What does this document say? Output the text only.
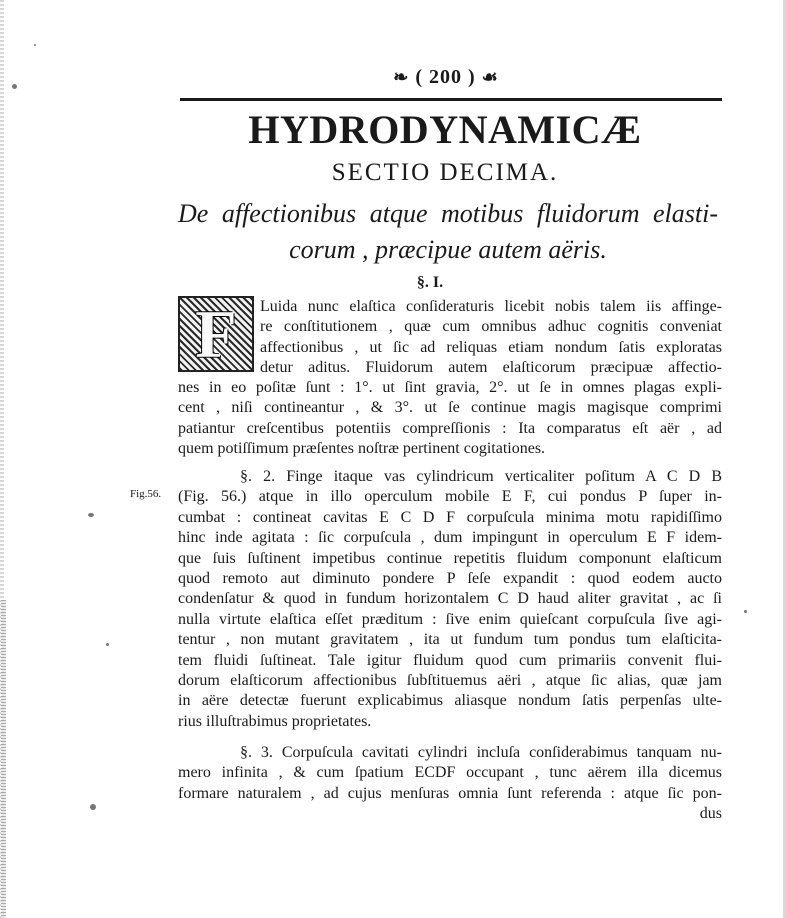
❧ ( 200 ) ☙
HYDRODYNAMICÆ
SECTIO DECIMA.
De affectionibus atque motibus fluidorum elasti-
corum , præcipue autem aëris.
§. I.
F Luida nunc elaſtica conſideraturis licebit nobis talem iis affinge-
re conſtitutionem , quæ cum omnibus adhuc cognitis conveniat
affectionibus , ut ſic ad reliquas etiam nondum ſatis exploratas
detur aditus. Fluidorum autem elaſticorum præcipuæ affectio-
nes in eo poſitæ ſunt : 1°. ut ſint gravia, 2°. ut ſe in omnes plagas expli-
cent , niſi contineantur , & 3°. ut ſe continue magis magisque comprimi
patiantur creſcentibus potentiis compreſſionis : Ita comparatus eſt aër , ad
quem potiſſimum præſentes noſtræ pertinent cogitationes.
Fig.56.
§. 2. Finge itaque vas cylindricum verticaliter poſitum A C D B
(Fig. 56.) atque in illo operculum mobile E F, cui pondus P ſuper in-
cumbat : contineat cavitas E C D F corpuſcula minima motu rapidiſſimo
hinc inde agitata : ſic corpuſcula , dum impingunt in operculum E F idem-
que ſuis ſuſtinent impetibus continue repetitis fluidum componunt elaſticum
quod remoto aut diminuto pondere P ſeſe expandit : quod eodem aucto
condenſatur & quod in fundum horizontalem C D haud aliter gravitat , ac ſi
nulla virtute elaſtica eſſet præditum : ſive enim quieſcant corpuſcula ſive agi-
tentur , non mutant gravitatem , ita ut fundum tum pondus tum elaſticita-
tem fluidi ſuſtineat. Tale igitur fluidum quod cum primariis convenit flui-
dorum elaſticorum affectionibus ſubſtituemus aëri , atque ſic alias, quæ jam
in aëre detectæ fuerunt explicabimus aliasque nondum ſatis perpenſas ulte-
rius illuſtrabimus proprietates.
§. 3. Corpuſcula cavitati cylindri incluſa conſiderabimus tanquam nu-
mero infinita , & cum ſpatium ECDF occupant , tunc aërem illa dicemus
formare naturalem , ad cujus menſuras omnia ſunt referenda : atque ſic pon-
dus
